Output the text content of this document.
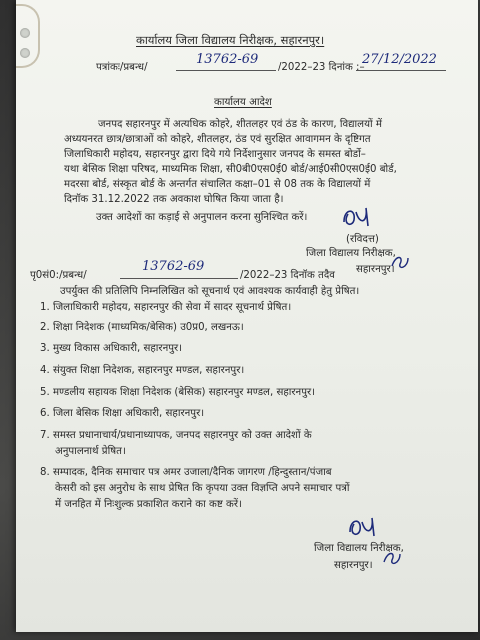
कार्यालय जिला विद्यालय निरीक्षक, सहारनपुर।
पत्रांकः/प्रबन्ध/
13762-69
/2022–23 दिनांक :–
27/12/2022
कार्यालय आदेश
जनपद सहारनपुर में अत्यधिक कोहरे, शीतलहर एवं ठंड के कारण, विद्यालयों में
अध्ययनरत छात्र/छात्राओं को कोहरे, शीतलहर, ठंड एवं सुरक्षित आवागमन के दृष्टिगत
जिलाधिकारी महोदय, सहारनपुर द्वारा दिये गये निर्देशानुसार जनपद के समस्त बोर्डो–
यथा बेसिक शिक्षा परिषद, माध्यमिक शिक्षा, सी0बी0एस0ई0 बोर्ड/आई0सी0एस0ई0 बोर्ड,
मदरसा बोर्ड, संस्कृत बोर्ड के अन्तर्गत संचालित कक्षा–01 से 08 तक के विद्यालयों में
दिनॉक 31.12.2022 तक अवकाश घोषित किया जाता है।
उक्त आदेशों का कड़ाई से अनुपालन करना सुनिश्चित करें।
(रविदत्त)
जिला विद्यालय निरीक्षक,
सहारनपुर।
पृ0सं0:/प्रबन्ध/
13762-69
/2022–23 दिनॉक तदैव
उपर्युक्त की प्रतिलिपि निम्नलिखित को सूचनार्थ एवं आवश्यक कार्यवाही हेतु प्रेषित।
1. जिलाधिकारी महोदय, सहारनपुर की सेवा में सादर सूचनार्थ प्रेषित।
2. शिक्षा निदेशक (माध्यमिक/बेसिक) उ0प्र0, लखनऊ।
3. मुख्य विकास अधिकारी, सहारनपुर।
4. संयुक्त शिक्षा निदेशक, सहारनपुर मण्डल, सहारनपुर।
5. मण्डलीय सहायक शिक्षा निदेशक (बेसिक) सहारनपुर मण्डल, सहारनपुर।
6. जिला बेसिक शिक्षा अधिकारी, सहारनपुर।
7. समस्त प्रधानाचार्य/प्रधानाध्यापक, जनपद सहारनपुर को उक्त आदेशों के
अनुपालनार्थ प्रेषित।
8. सम्पादक, दैनिक समाचार पत्र अमर उजाला/दैनिक जागरण /हिन्दुस्तान/पंजाब
केसरी को इस अनुरोध के साथ प्रेषित कि कृपया उक्त विज्ञप्ति अपने समाचार पत्रों
में जनहित में निःशुल्क प्रकाशित कराने का कष्ट करें।
जिला विद्यालय निरीक्षक,
सहारनपुर।
